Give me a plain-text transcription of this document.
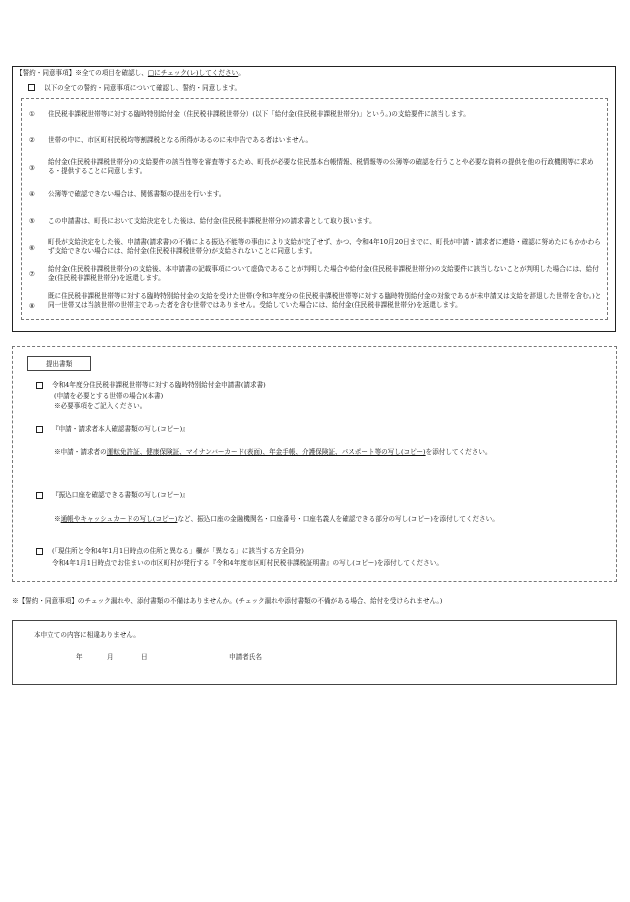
【誓約・同意事項】※全ての項目を確認し、□にチェック(レ)してください。
以下の全ての誓約・同意事項について確認し、誓約・同意します。
①	住民税非課税世帯等に対する臨時特別給付金（住民税非課税世帯分）(以下「給付金(住民税非課税世帯分)」という。)の支給要件に該当します。
②	世帯の中に、市区町村民税均等割課税となる所得があるのに未申告である者はいません。
③
給付金(住民税非課税世帯分)の支給要件の該当性等を審査等するため、町長が必要な住民基本台帳情報、税情報等の公簿等の確認を行うことや必要な資料の提供を他の行政機関等に求める・提供することに同意します。
④	公簿等で確認できない場合は、関係書類の提出を行います。
⑤	この申請書は、町長において支給決定をした後は、給付金(住民税非課税世帯分)の請求書として取り扱います。
⑥
町長が支給決定をした後、申請書(請求書)の不備による振込不能等の事由により支給が完了せず、かつ、令和4年10月20日までに、町長が申請・請求者に連絡・確認に努めたにもかかわらず支給できない場合には、給付金(住民税非課税世帯分)が支給されないことに同意します。
⑦
給付金(住民税非課税世帯分)の支給後、本申請書の記載事項について虚偽であることが判明した場合や給付金(住民税非課税世帯分)の支給要件に該当しないことが判明した場合には、給付金(住民税非課税世帯分)を返還します。
⑧
既に住民税非課税世帯等に対する臨時特別給付金の支給を受けた世帯(令和3年度分の住民税非課税世帯等に対する臨時特別給付金の対象であるが未申請又は支給を辞退した世帯を含む。)と同一世帯又は当該世帯の世帯主であった者を含む世帯ではありません。受給していた場合には、給付金(住民税非課税世帯分)を返還します。
提出書類
令和4年度分住民税非課税世帯等に対する臨時特別給付金申請書(請求書)
(申請を必要とする世帯の場合)(本書)
※必要事項をご記入ください。
『申請・請求者本人確認書類の写し(コピー)』
※申請・請求者の運転免許証、健康保険証、マイナンバーカード(表面)、年金手帳、介護保険証、パスポート等の写し(コピー)を添付してください。
『振込口座を確認できる書類の写し(コピー)』
※通帳やキャッシュカードの写し(コピー)など、振込口座の金融機関名・口座番号・口座名義人を確認できる部分の写し(コピー)を添付してください。
(「現住所と令和4年1月1日時点の住所と異なる」欄が「異なる」に該当する方全員分)
令和4年1月1日時点でお住まいの市区町村が発行する『令和4年度市区町村民税非課税証明書』の写し(コピー)を添付してください。
※【誓約・同意事項】のチェック漏れや、添付書類の不備はありませんか。(チェック漏れや添付書類の不備がある場合、給付を受けられません。)
本申立ての内容に相違ありません。
年	月	日	申請者氏名
